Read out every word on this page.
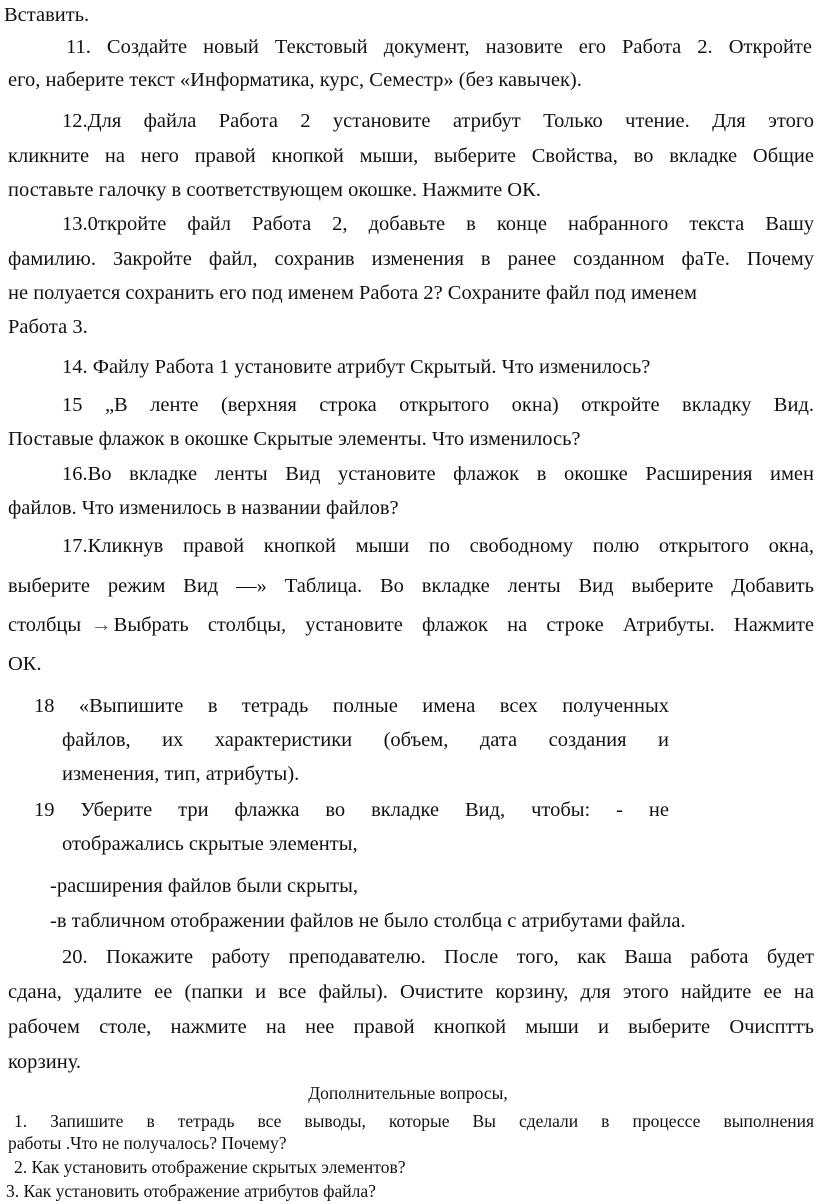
Вставить.
11. Создайте новый Текстовый документ, назовите его Работа 2. Откройте
его, наберите текст «Информатика, курс, Семестр» (без кавычек).
12.Для файла Работа 2 установите атрибут Только чтение. Для этого
кликните на него правой кнопкой мыши, выберите Свойства, во вкладке Общие
поставьте галочку в соответствующем окошке. Нажмите ОК.
13.0ткройте файл Работа 2, добавьте в конце набранного текста Вашу
фамилию. Закройте файл, сохранив изменения в ранее созданном фаТе. Почему
не полуается сохранить его под именем Работа 2? Сохраните файл под именем
Работа 3.
14. Файлу Работа 1 установите атрибут Скрытый. Что изменилось?
15 „В ленте (верхняя строка открытого окна) откройте вкладку Вид.
Поставые флажок в окошке Скрытые элементы. Что изменилось?
16.Во вкладке ленты Вид установите флажок в окошке Расширения имен
файлов. Что изменилось в названии файлов?
17.Кликнув правой кнопкой мыши по свободному полю открытого окна,
выберите режим Вид —» Таблица. Во вкладке ленты Вид выберите Добавить
столбцы → Выбрать столбцы, установите флажок на строке Атрибуты. Нажмите
ОК.
18 «Выпишите в тетрадь полные имена всех полученных
файлов, их характеристики (объем, дата создания и
изменения, тип, атрибуты).
19 Уберите три флажка во вкладке Вид, чтобы: - не
отображались скрытые элементы,
-расширения файлов были скрыты,
-в табличном отображении файлов не было столбца с атрибутами файла.
20. Покажите работу преподавателю. После того, как Ваша работа будет
сдана, удалите ее (папки и все файлы). Очистите корзину, для этого найдите ее на
рабочем столе, нажмите на нее правой кнопкой мыши и выберите Очиспттъ
корзину.
Дополнительные вопросы,
1. Запишите в тетрадь все выводы, которые Вы сделали в процессе выполнения
работы .Что не получалось? Почему?
2. Как установить отображение скрытых элементов?
3. Как установить отображение атрибутов файла?
